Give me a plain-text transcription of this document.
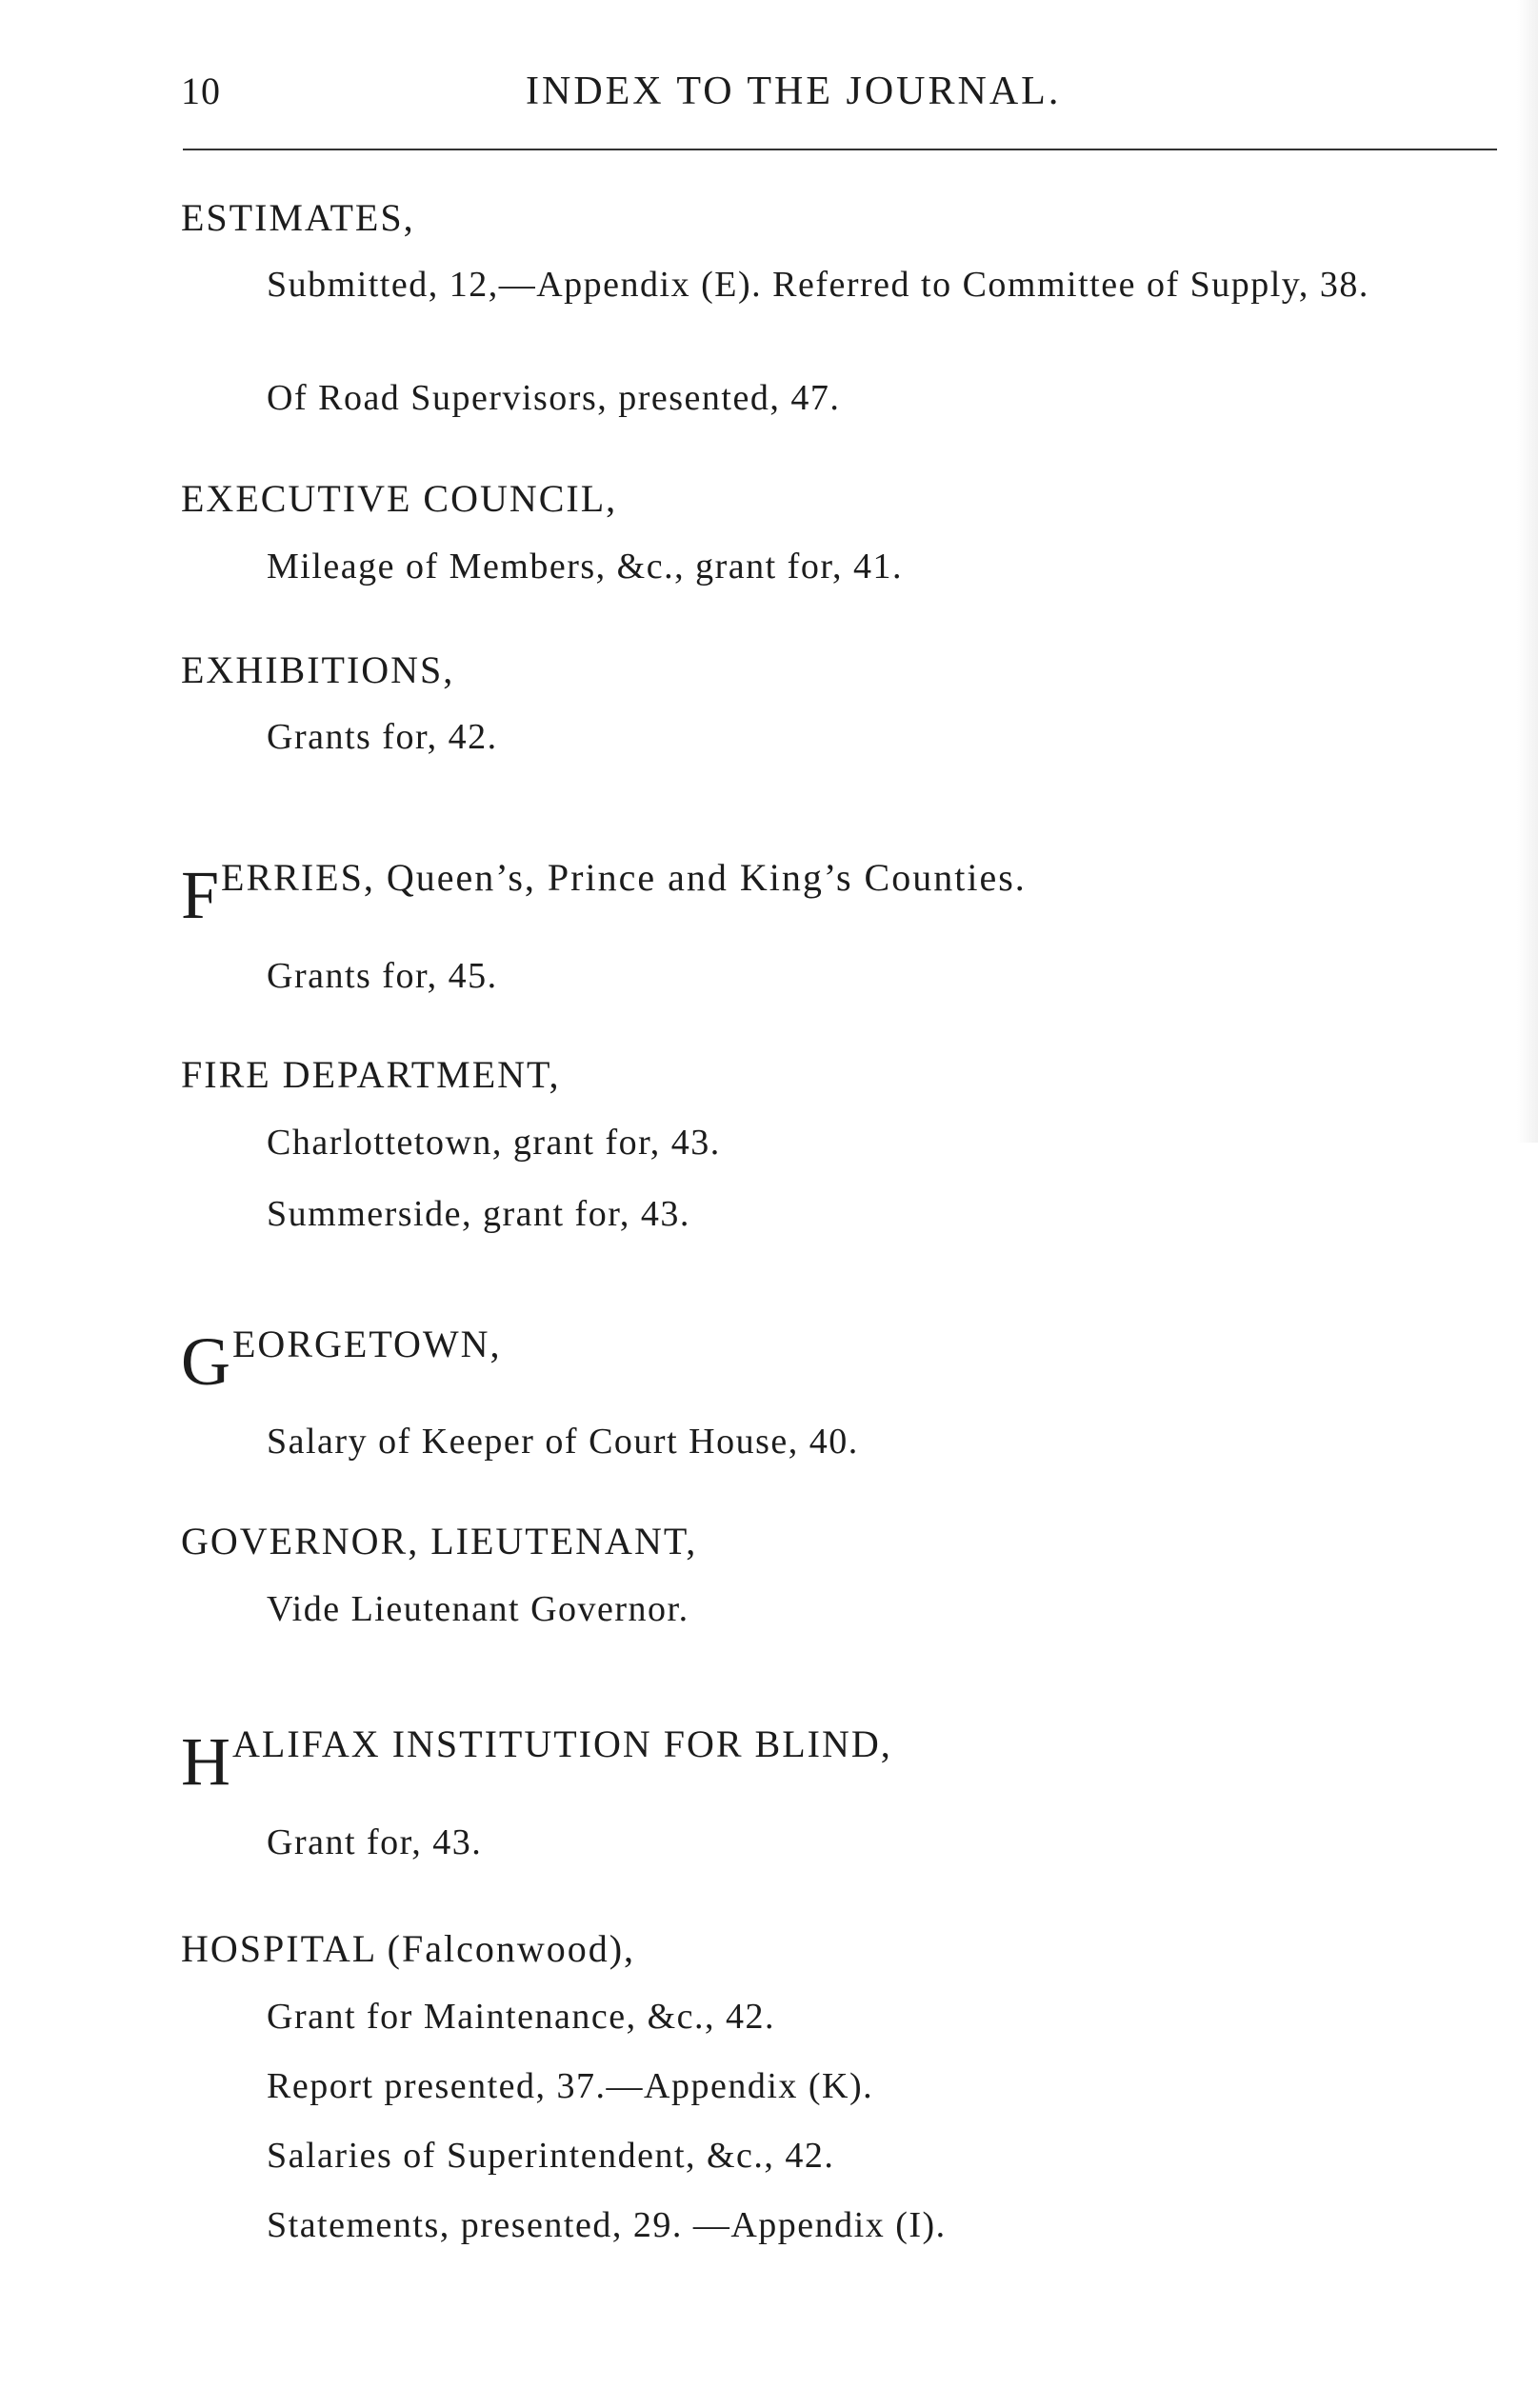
10	INDEX TO THE JOURNAL.
ESTIMATES,
Submitted, 12,—Appendix (E). Referred to Committee of Supply, 38.
Of Road Supervisors, presented, 47.
EXECUTIVE COUNCIL,
Mileage of Members, &c., grant for, 41.
EXHIBITIONS,
Grants for, 42.
FERRIES, Queen’s, Prince and King’s Counties.
Grants for, 45.
FIRE DEPARTMENT,
Charlottetown, grant for, 43.
Summerside, grant for, 43.
GEORGETOWN,
Salary of Keeper of Court House, 40.
GOVERNOR, LIEUTENANT,
Vide Lieutenant Governor.
HALIFAX INSTITUTION FOR BLIND,
Grant for, 43.
HOSPITAL (Falconwood),
Grant for Maintenance, &c., 42.
Report presented, 37.—Appendix (K).
Salaries of Superintendent, &c., 42.
Statements, presented, 29. —Appendix (I).
